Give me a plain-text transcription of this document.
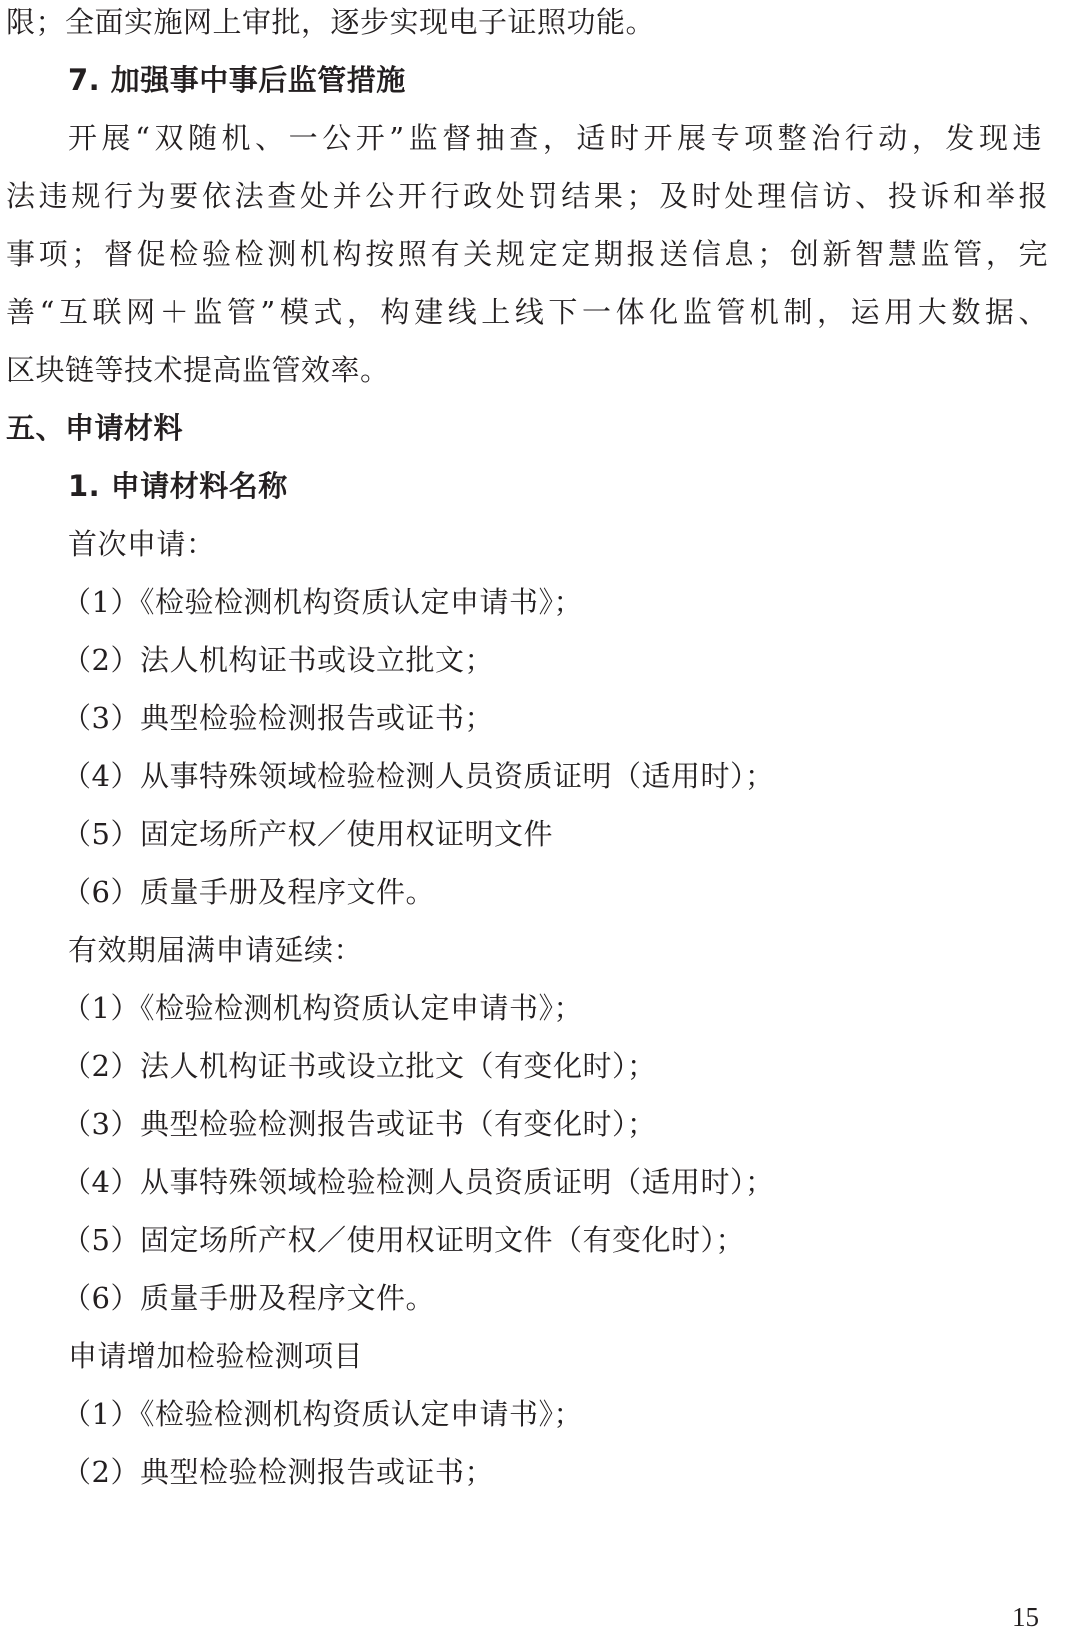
限；全面实施网上审批，逐步实现电子证照功能。
7. 加强事中事后监管措施
开展“双随机、一公开”监督抽查，适时开展专项整治行动，发现违
法违规行为要依法查处并公开行政处罚结果；及时处理信访、投诉和举报
事项；督促检验检测机构按照有关规定定期报送信息；创新智慧监管，完
善“互联网＋监管”模式，构建线上线下一体化监管机制，运用大数据、
区块链等技术提高监管效率。
五、申请材料
1. 申请材料名称
首次申请：
（1）《检验检测机构资质认定申请书》；
（2）法人机构证书或设立批文；
（3）典型检验检测报告或证书；
（4）从事特殊领域检验检测人员资质证明（适用时）；
（5）固定场所产权／使用权证明文件
（6）质量手册及程序文件。
有效期届满申请延续：
（1）《检验检测机构资质认定申请书》；
（2）法人机构证书或设立批文（有变化时）；
（3）典型检验检测报告或证书（有变化时）；
（4）从事特殊领域检验检测人员资质证明（适用时）；
（5）固定场所产权／使用权证明文件（有变化时）；
（6）质量手册及程序文件。
申请增加检验检测项目
（1）《检验检测机构资质认定申请书》；
（2）典型检验检测报告或证书；
15
